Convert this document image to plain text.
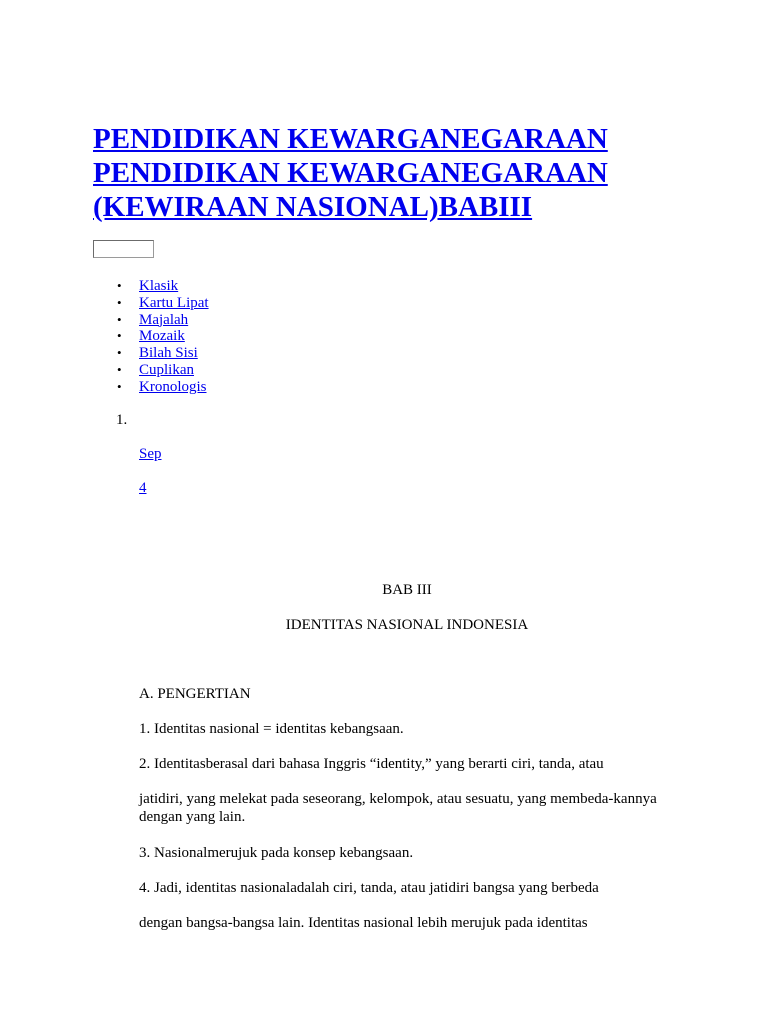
PENDIDIKAN KEWARGANEGARAAN
PENDIDIKAN KEWARGANEGARAAN
(KEWIRAAN NASIONAL)BABIII
• Klasik
• Kartu Lipat
• Majalah
• Mozaik
• Bilah Sisi
• Cuplikan
• Kronologis
1.
Sep
4
BAB III
IDENTITAS NASIONAL INDONESIA

A. PENGERTIAN

1. Identitas nasional = identitas kebangsaan.

2. Identitasberasal dari bahasa Inggris “identity,” yang berarti ciri, tanda, atau

jatidiri, yang melekat pada seseorang, kelompok, atau sesuatu, yang membeda-kannya dengan yang lain.

3. Nasionalmerujuk pada konsep kebangsaan.

4. Jadi, identitas nasionaladalah ciri, tanda, atau jatidiri bangsa yang berbeda

dengan bangsa-bangsa lain. Identitas nasional lebih merujuk pada identitas
